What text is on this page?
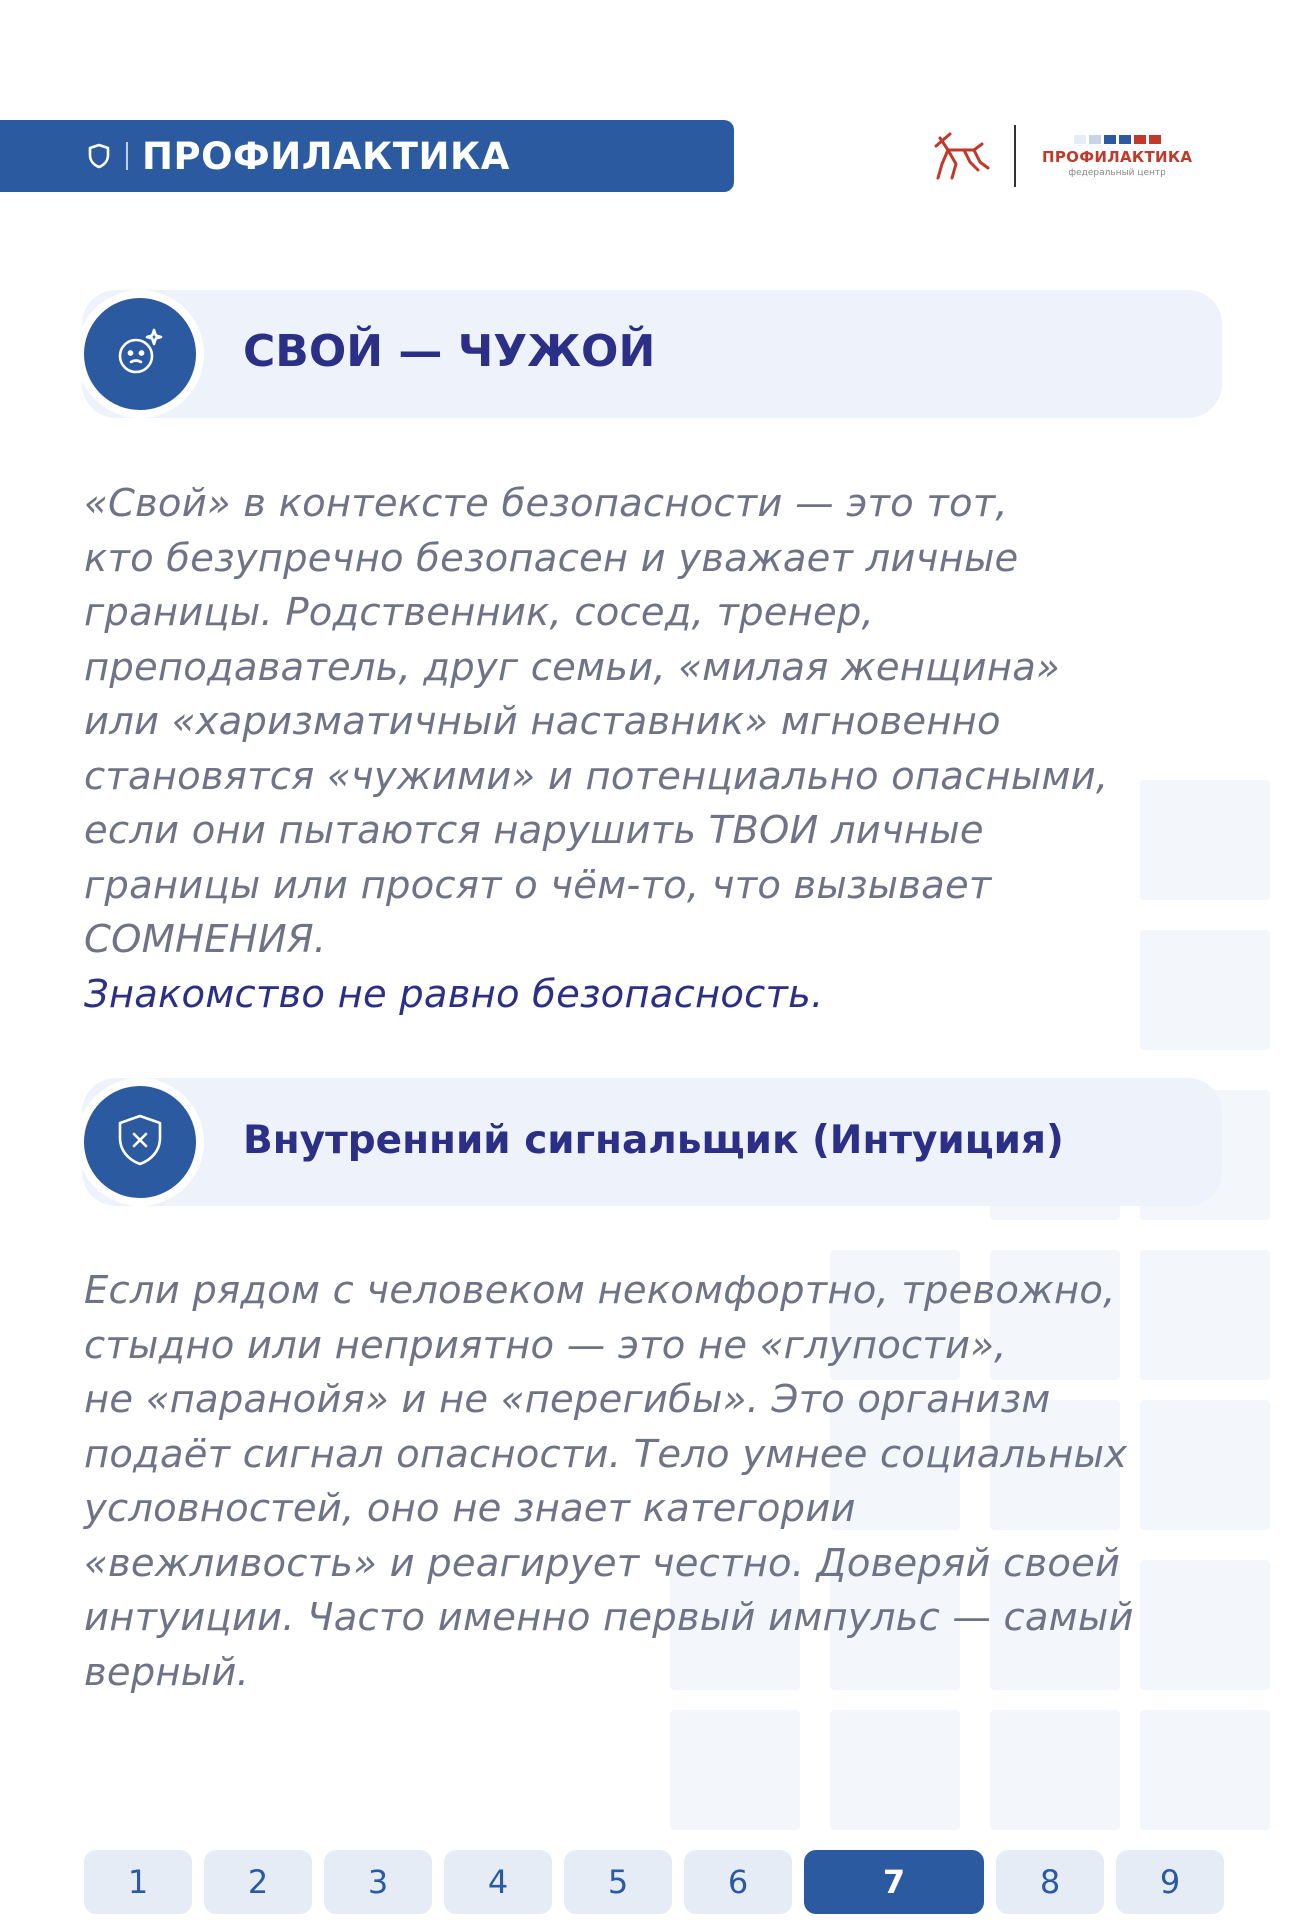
ПРОФИЛАКТИКА	ПРОФИЛАКТИКА
федеральный центр
СВОЙ — ЧУЖОЙ

«Свой» в контексте безопасности — это тот,

кто безупречно безопасен и уважает личные

границы. Родственник, сосед, тренер,

преподаватель, друг семьи, «милая женщина»

или «харизматичный наставник» мгновенно

становятся «чужими» и потенциально опасными,

если они пытаются нарушить ТВОИ личные

границы или просят о чём-то, что вызывает

СОМНЕНИЯ.

Знакомство не равно безопасность.

Внутренний сигнальщик (Интуиция)

Если рядом с человеком некомфортно, тревожно,

стыдно или неприятно — это не «глупости»,

не «паранойя» и не «перегибы». Это организм

подаёт сигнал опасности. Тело умнее социальных

условностей, оно не знает категории

«вежливость» и реагирует честно. Доверяй своей

интуиции. Часто именно первый импульс — самый

верный.

1	2	3	4	5	6	7	8	9
